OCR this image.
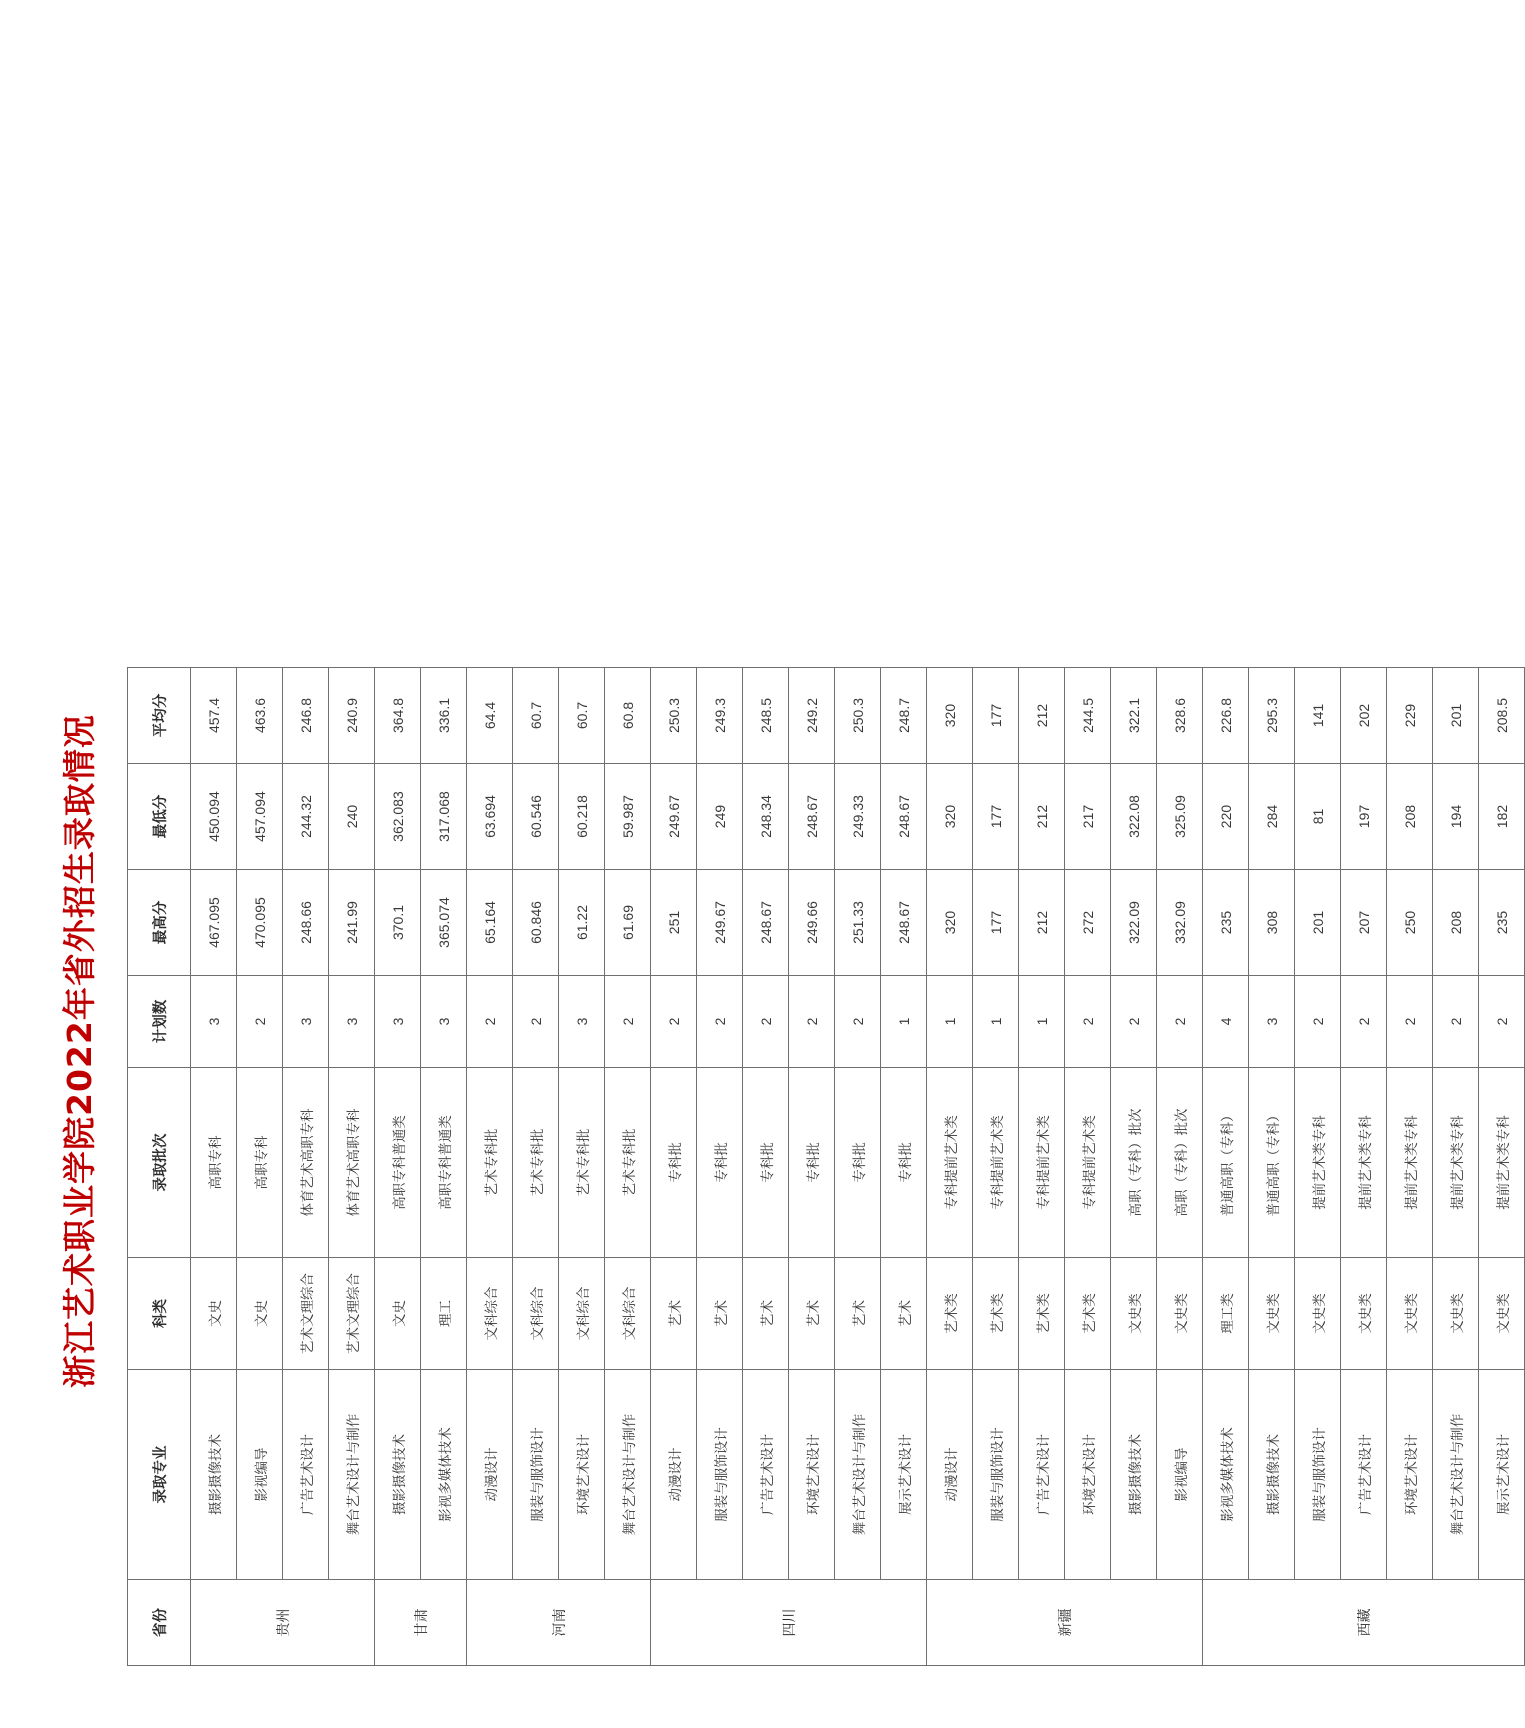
浙江艺术职业学院2022年省外招生录取情况
省份	录取专业	科类	录取批次	计划数	最高分	最低分	平均分
贵州	摄影摄像技术	文史	高职专科	3	467.095	450.094	457.4
	影视编导	文史	高职专科	2	470.095	457.094	463.6
	广告艺术设计	艺术文理综合	体育艺术高职专科	3	248.66	244.32	246.8
	舞台艺术设计与制作	艺术文理综合	体育艺术高职专科	3	241.99	240	240.9
甘肃	摄影摄像技术	文史	高职专科普通类	3	370.1	362.083	364.8
	影视多媒体技术	理工	高职专科普通类	3	365.074	317.068	336.1
河南	动漫设计	文科综合	艺术专科批	2	65.164	63.694	64.4
	服装与服饰设计	文科综合	艺术专科批	2	60.846	60.546	60.7
	环境艺术设计	文科综合	艺术专科批	3	61.22	60.218	60.7
	舞台艺术设计与制作	文科综合	艺术专科批	2	61.69	59.987	60.8
四川	动漫设计	艺术	专科批	2	251	249.67	250.3
	服装与服饰设计	艺术	专科批	2	249.67	249	249.3
	广告艺术设计	艺术	专科批	2	248.67	248.34	248.5
	环境艺术设计	艺术	专科批	2	249.66	248.67	249.2
	舞台艺术设计与制作	艺术	专科批	2	251.33	249.33	250.3
	展示艺术设计	艺术	专科批	1	248.67	248.67	248.7
新疆	动漫设计	艺术类	专科提前艺术类	1	320	320	320
	服装与服饰设计	艺术类	专科提前艺术类	1	177	177	177
	广告艺术设计	艺术类	专科提前艺术类	1	212	212	212
	环境艺术设计	艺术类	专科提前艺术类	2	272	217	244.5
	摄影摄像技术	文史类	高职（专科）批次	2	322.09	322.08	322.1
	影视编导	文史类	高职（专科）批次	2	332.09	325.09	328.6
西藏	影视多媒体技术	理工类	普通高职（专科）	4	235	220	226.8
	摄影摄像技术	文史类	普通高职（专科）	3	308	284	295.3
	服装与服饰设计	文史类	提前艺术类专科	2	201	81	141
	广告艺术设计	文史类	提前艺术类专科	2	207	197	202
	环境艺术设计	文史类	提前艺术类专科	2	250	208	229
	舞台艺术设计与制作	文史类	提前艺术类专科	2	208	194	201
	展示艺术设计	文史类	提前艺术类专科	2	235	182	208.5
